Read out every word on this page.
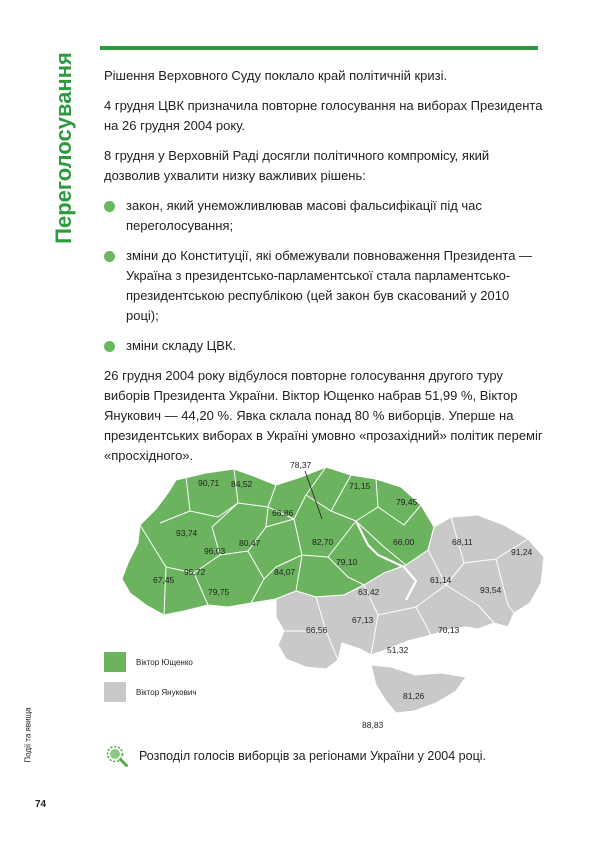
Переголосування Рішення Верховного Суду поклало край політичній кризі.

4 грудня ЦВК призначила повторне голосування на виборах Президента на 26 грудня 2004 року.

8 грудня у Верховній Раді досягли політичного компромісу, який дозволив ухвалити низку важливих рішень:

закон, який унеможливлював масові фальсифікації під час переголосування;
зміни до Конституції, які обмежували повноваження Президента — Україна з президентсько-парламентської стала парламентсько-президентською республікою (цей закон був скасований у 2010 році);
зміни складу ЦВК.

26 грудня 2004 року відбулося повторне голосування другого туру виборів Президента України. Віктор Ющенко набрав 51,99 %, Віктор Янукович — 44,20 %. Явка склала понад 80 % виборців. Уперше на президентських виборах в Україні умовно «прозахідний» політик переміг «просхідного».

90,71 84,52
78,37
71,15
79,45
66,86
93,74
96,03
80,47	82,70	66,00	68,11
91,24
95,72
79,10
61,14
67,45
79,75
84,07
63,42	93,54
67,13
66,56	70,13
51,32
81,26
88,83
Віктор Ющенко
Віктор Янукович
Розподіл голосів виборців за регіонами України у 2004 році.
Події та явища
74
